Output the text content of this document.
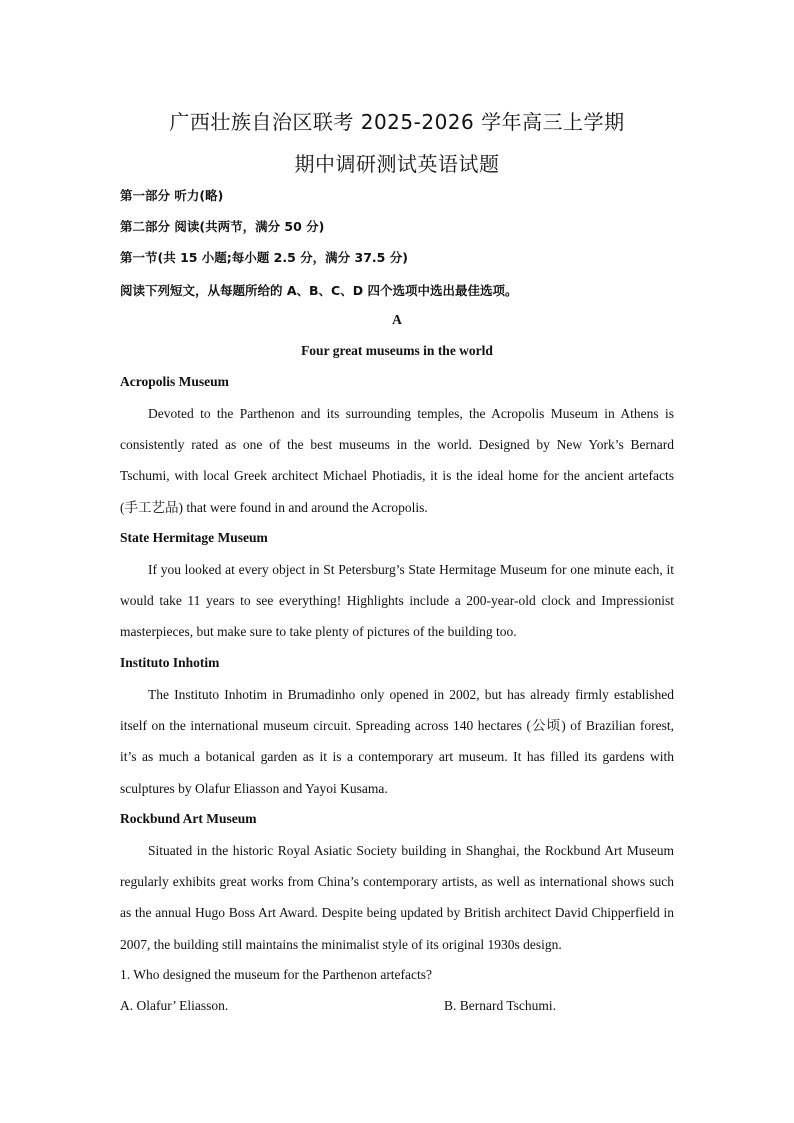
广西壮族自治区联考 2025-2026 学年高三上学期
期中调研测试英语试题
第一部分 听力(略)
第二部分 阅读(共两节，满分 50 分)
第一节(共 15 小题;每小题 2.5 分，满分 37.5 分)
阅读下列短文，从每题所给的 A、B、C、D 四个选项中选出最佳选项。
A
Four great museums in the world
Acropolis Museum
Devoted to the Parthenon and its surrounding temples, the Acropolis Museum in Athens is consistently rated as one of the best museums in the world. Designed by New York’s Bernard Tschumi, with local Greek architect Michael Photiadis, it is the ideal home for the ancient artefacts (手工艺品) that were found in and around the Acropolis.
State Hermitage Museum
If you looked at every object in St Petersburg’s State Hermitage Museum for one minute each, it would take 11 years to see everything! Highlights include a 200-year-old clock and Impressionist masterpieces, but make sure to take plenty of pictures of the building too.
Instituto Inhotim
The Instituto Inhotim in Brumadinho only opened in 2002, but has already firmly established itself on the international museum circuit. Spreading across 140 hectares (公顷) of Brazilian forest, it’s as much a botanical garden as it is a contemporary art museum. It has filled its gardens with sculptures by Olafur Eliasson and Yayoi Kusama.
Rockbund Art Museum
Situated in the historic Royal Asiatic Society building in Shanghai, the Rockbund Art Museum regularly exhibits great works from China’s contemporary artists, as well as international shows such as the annual Hugo Boss Art Award. Despite being updated by British architect David Chipperfield in 2007, the building still maintains the minimalist style of its original 1930s design.
1. Who designed the museum for the Parthenon artefacts?
A. Olafur’ Eliasson.	B. Bernard Tschumi.
